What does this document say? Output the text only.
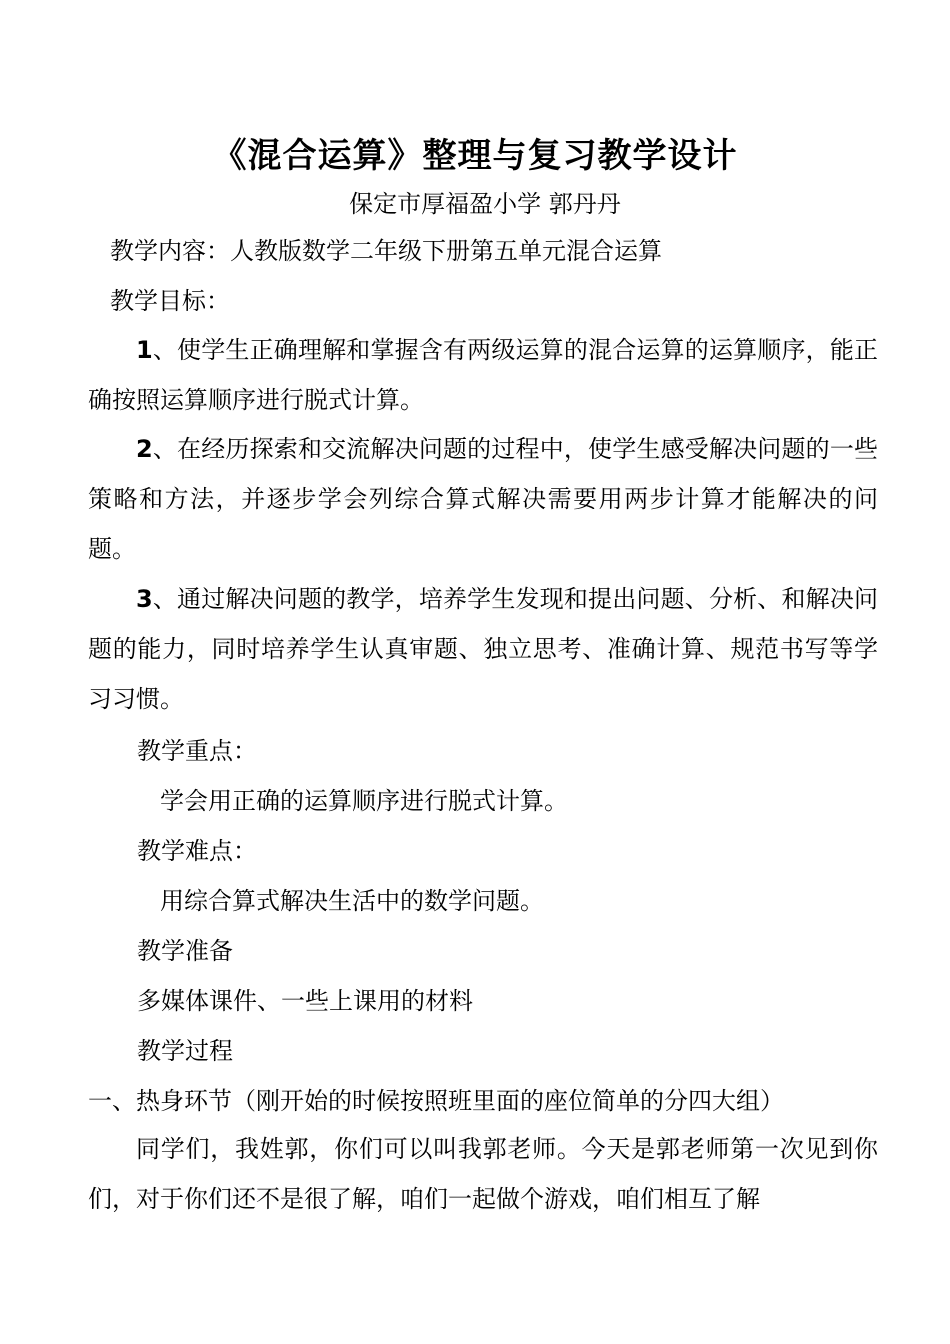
《混合运算》整理与复习教学设计
保定市厚福盈小学 郭丹丹
教学内容：人教版数学二年级下册第五单元混合运算
教学目标：
1、使学生正确理解和掌握含有两级运算的混合运算的运算顺序，能正确按照运算顺序进行脱式计算。
2、在经历探索和交流解决问题的过程中，使学生感受解决问题的一些策略和方法，并逐步学会列综合算式解决需要用两步计算才能解决的问题。
3、通过解决问题的教学，培养学生发现和提出问题、分析、和解决问题的能力，同时培养学生认真审题、独立思考、准确计算、规范书写等学习习惯。
教学重点：
学会用正确的运算顺序进行脱式计算。
教学难点：
用综合算式解决生活中的数学问题。
教学准备
多媒体课件、一些上课用的材料
教学过程
一、热身环节（刚开始的时候按照班里面的座位简单的分四大组）
同学们，我姓郭，你们可以叫我郭老师。今天是郭老师第一次见到你们，对于你们还不是很了解，咱们一起做个游戏，咱们相互了解
